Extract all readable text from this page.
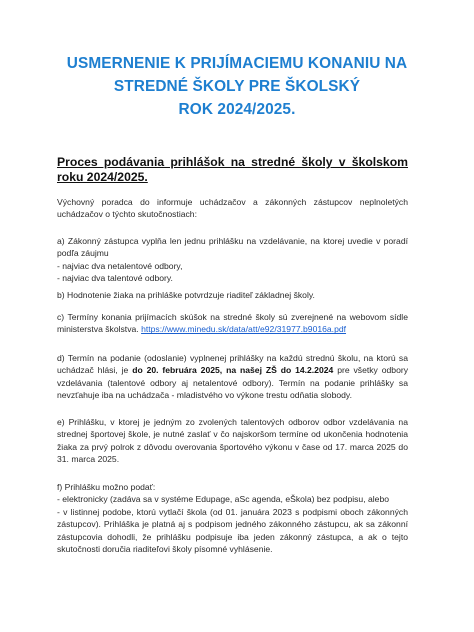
USMERNENIE K PRIJÍMACIEMU KONANIU NA
STREDNÉ ŠKOLY PRE ŠKOLSKÝ
ROK 2024/2025.
Proces podávania prihlášok na stredné školy v školskom roku 2024/2025.

Výchovný poradca do informuje uchádzačov a zákonných zástupcov neplnoletých uchádzačov o týchto skutočnostiach:

a) Zákonný zástupca vyplňa len jednu prihlášku na vzdelávanie, na ktorej uvedie v poradí podľa záujmu

- najviac dva netalentové odbory,

- najviac dva talentové odbory.

b) Hodnotenie žiaka na prihláške potvrdzuje riaditeľ základnej školy.

c) Termíny konania prijímacích skúšok na stredné školy sú zverejnené na webovom sídle ministerstva školstva. https://www.minedu.sk/data/att/e92/31977.b9016a.pdf

d) Termín na podanie (odoslanie) vyplnenej prihlášky na každú strednú školu, na ktorú sa uchádzač hlási, je do 20. februára 2025, na našej ZŠ do 14.2.2024 pre všetky odbory vzdelávania (talentové odbory aj netalentové odbory). Termín na podanie prihlášky sa nevzťahuje iba na uchádzača - mladistvého vo výkone trestu odňatia slobody.

e) Prihlášku, v ktorej je jedným zo zvolených talentových odborov odbor vzdelávania na strednej športovej škole, je nutné zaslať v čo najskoršom termíne od ukončenia hodnotenia žiaka za prvý polrok z dôvodu overovania športového výkonu v čase od 17. marca 2025 do 31. marca 2025.

f) Prihlášku možno podať:

- elektronicky (zadáva sa v systéme Edupage, aSc agenda, eŠkola) bez podpisu, alebo

- v listinnej podobe, ktorú vytlačí škola (od 01. januára 2023 s podpismi oboch zákonných zástupcov). Prihláška je platná aj s podpisom jedného zákonného zástupcu, ak sa zákonní zástupcovia dohodli, že prihlášku podpisuje iba jeden zákonný zástupca, a ak o tejto skutočnosti doručia riaditeľovi školy písomné vyhlásenie.
